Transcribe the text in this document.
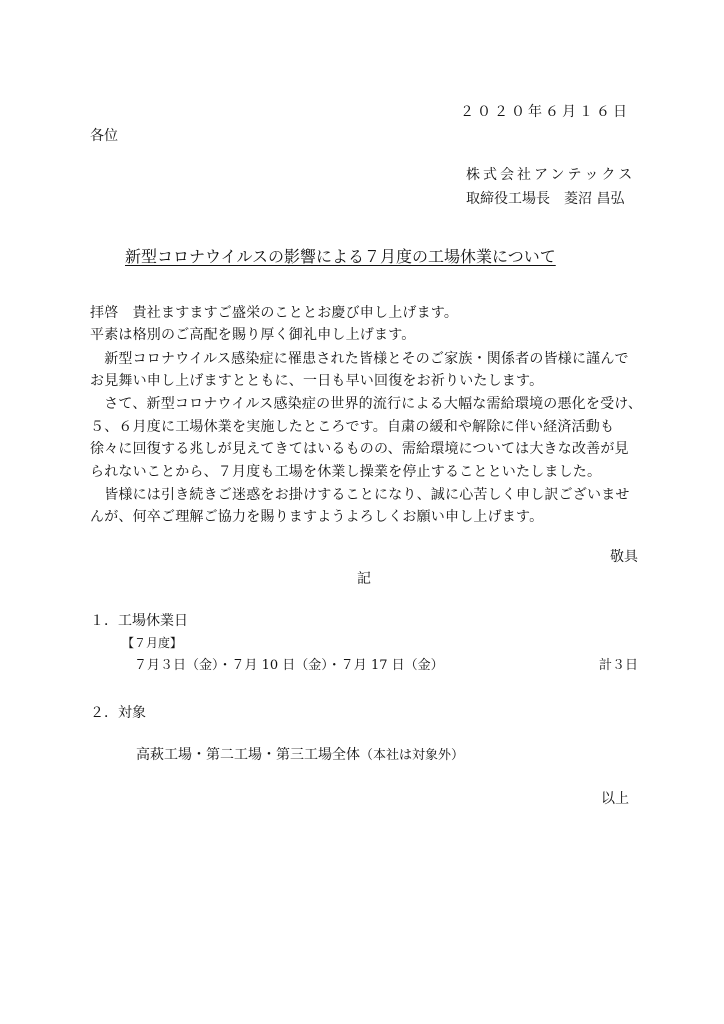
２０２０年６月１６日
各位
株式会社アンテックス
取締役工場長　菱沼 昌弘
新型コロナウイルスの影響による７月度の工場休業について
拝啓　貴社ますますご盛栄のこととお慶び申し上げます。
平素は格別のご高配を賜り厚く御礼申し上げます。
　新型コロナウイルス感染症に罹患された皆様とそのご家族・関係者の皆様に謹んで
お見舞い申し上げますとともに、一日も早い回復をお祈りいたします。
　さて、新型コロナウイルス感染症の世界的流行による大幅な需給環境の悪化を受け、
５、６月度に工場休業を実施したところです。自粛の緩和や解除に伴い経済活動も
徐々に回復する兆しが見えてきてはいるものの、需給環境については大きな改善が見
られないことから、７月度も工場を休業し操業を停止することといたしました。
　皆様には引き続きご迷惑をお掛けすることになり、誠に心苦しく申し訳ございませ
んが、何卒ご理解ご協力を賜りますようよろしくお願い申し上げます。
敬具
記
１．工場休業日
【７月度】
７月３日（金）・７月 10 日（金）・７月 17 日（金）	計３日
２．対象
高萩工場・第二工場・第三工場全体（本社は対象外）
以上
